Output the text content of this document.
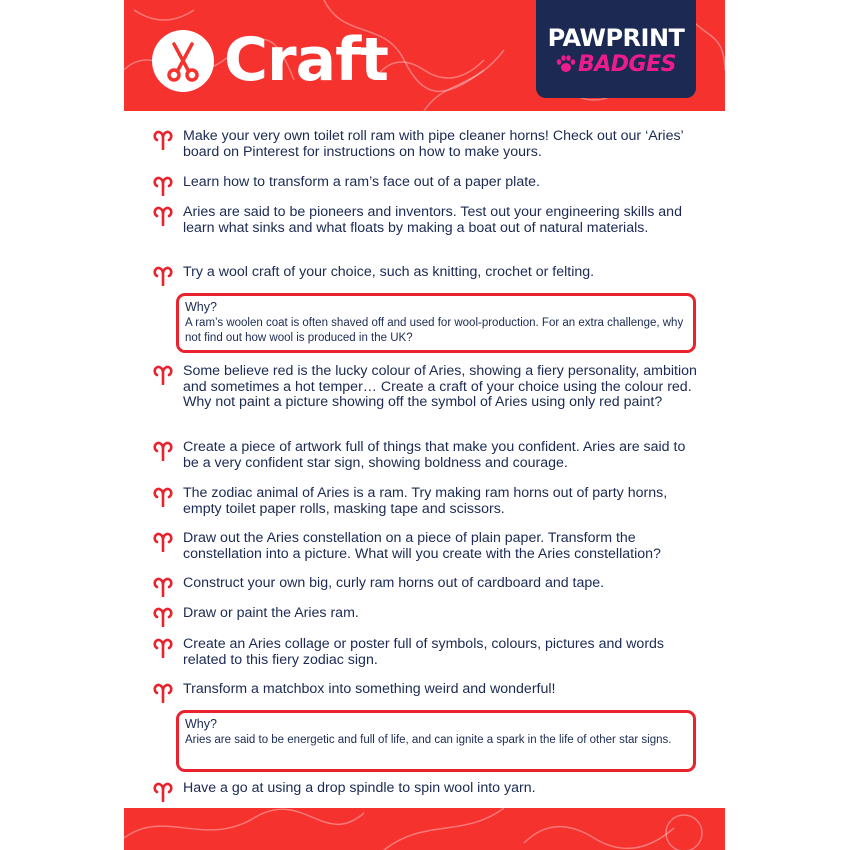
Craft	PAWPRINT
BADGES
Make your very own toilet roll ram with pipe cleaner horns! Check out our ‘Aries’ board on Pinterest for instructions on how to make yours.
Learn how to transform a ram’s face out of a paper plate.
Aries are said to be pioneers and inventors. Test out your engineering skills and learn what sinks and what floats by making a boat out of natural materials.
Try a wool craft of your choice, such as knitting, crochet or felting.
Why?
A ram’s woolen coat is often shaved off and used for wool-production. For an extra challenge, why not find out how wool is produced in the UK?
Some believe red is the lucky colour of Aries, showing a fiery personality, ambition and sometimes a hot temper… Create a craft of your choice using the colour red. Why not paint a picture showing off the symbol of Aries using only red paint?
Create a piece of artwork full of things that make you confident. Aries are said to be a very confident star sign, showing boldness and courage.
The zodiac animal of Aries is a ram. Try making ram horns out of party horns, empty toilet paper rolls, masking tape and scissors.
Draw out the Aries constellation on a piece of plain paper. Transform the constellation into a picture. What will you create with the Aries constellation?
Construct your own big, curly ram horns out of cardboard and tape.
Draw or paint the Aries ram.
Create an Aries collage or poster full of symbols, colours, pictures and words related to this fiery zodiac sign.
Transform a matchbox into something weird and wonderful!
Why?
Aries are said to be energetic and full of life, and can ignite a spark in the life of other star signs.
Have a go at using a drop spindle to spin wool into yarn.
